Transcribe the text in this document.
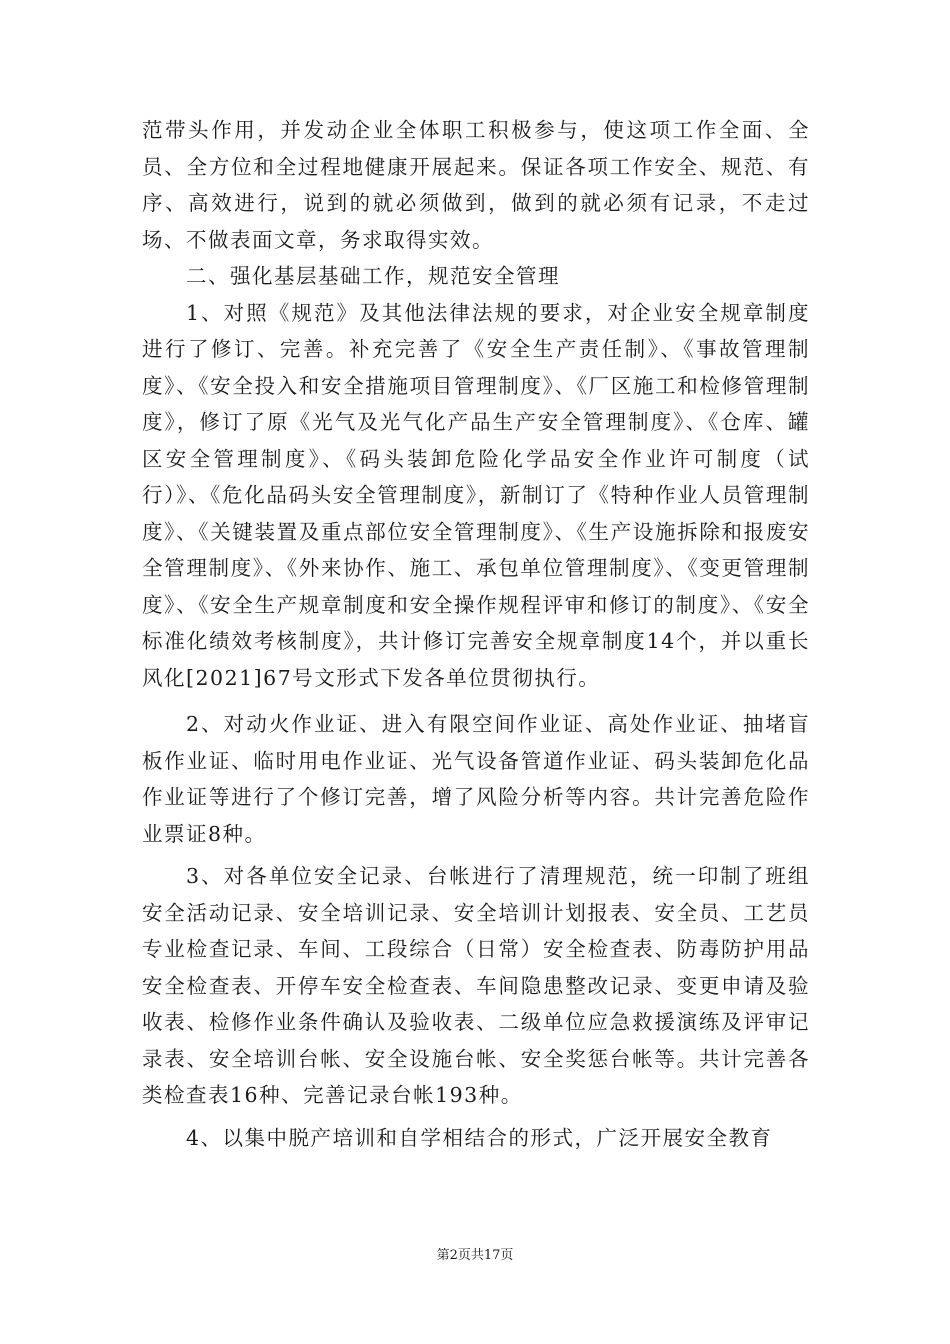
范带头作用，并发动企业全体职工积极参与，使这项工作全面、全员、全方位和全过程地健康开展起来。保证各项工作安全、规范、有序、高效进行，说到的就必须做到，做到的就必须有记录，不走过场、不做表面文章，务求取得实效。

二、强化基层基础工作，规范安全管理

1、对照《规范》及其他法律法规的要求，对企业安全规章制度进行了修订、完善。补充完善了《安全生产责任制》、《事故管理制度》、《安全投入和安全措施项目管理制度》、《厂区施工和检修管理制度》，修订了原《光气及光气化产品生产安全管理制度》、《仓库、罐区安全管理制度》、《码头装卸危险化学品安全作业许可制度（试行）》、《危化品码头安全管理制度》，新制订了《特种作业人员管理制度》、《关键装置及重点部位安全管理制度》、《生产设施拆除和报废安全管理制度》、《外来协作、施工、承包单位管理制度》、《变更管理制度》、《安全生产规章制度和安全操作规程评审和修订的制度》、《安全标准化绩效考核制度》，共计修订完善安全规章制度14个，并以重长风化[2021]67号文形式下发各单位贯彻执行。

2、对动火作业证、进入有限空间作业证、高处作业证、抽堵盲板作业证、临时用电作业证、光气设备管道作业证、码头装卸危化品作业证等进行了个修订完善，增了风险分析等内容。共计完善危险作业票证8种。

3、对各单位安全记录、台帐进行了清理规范，统一印制了班组安全活动记录、安全培训记录、安全培训计划报表、安全员、工艺员专业检查记录、车间、工段综合（日常）安全检查表、防毒防护用品安全检查表、开停车安全检查表、车间隐患整改记录、变更申请及验收表、检修作业条件确认及验收表、二级单位应急救援演练及评审记录表、安全培训台帐、安全设施台帐、安全奖惩台帐等。共计完善各类检查表16种、完善记录台帐193种。

4、以集中脱产培训和自学相结合的形式，广泛开展安全教育

第2页共17页
